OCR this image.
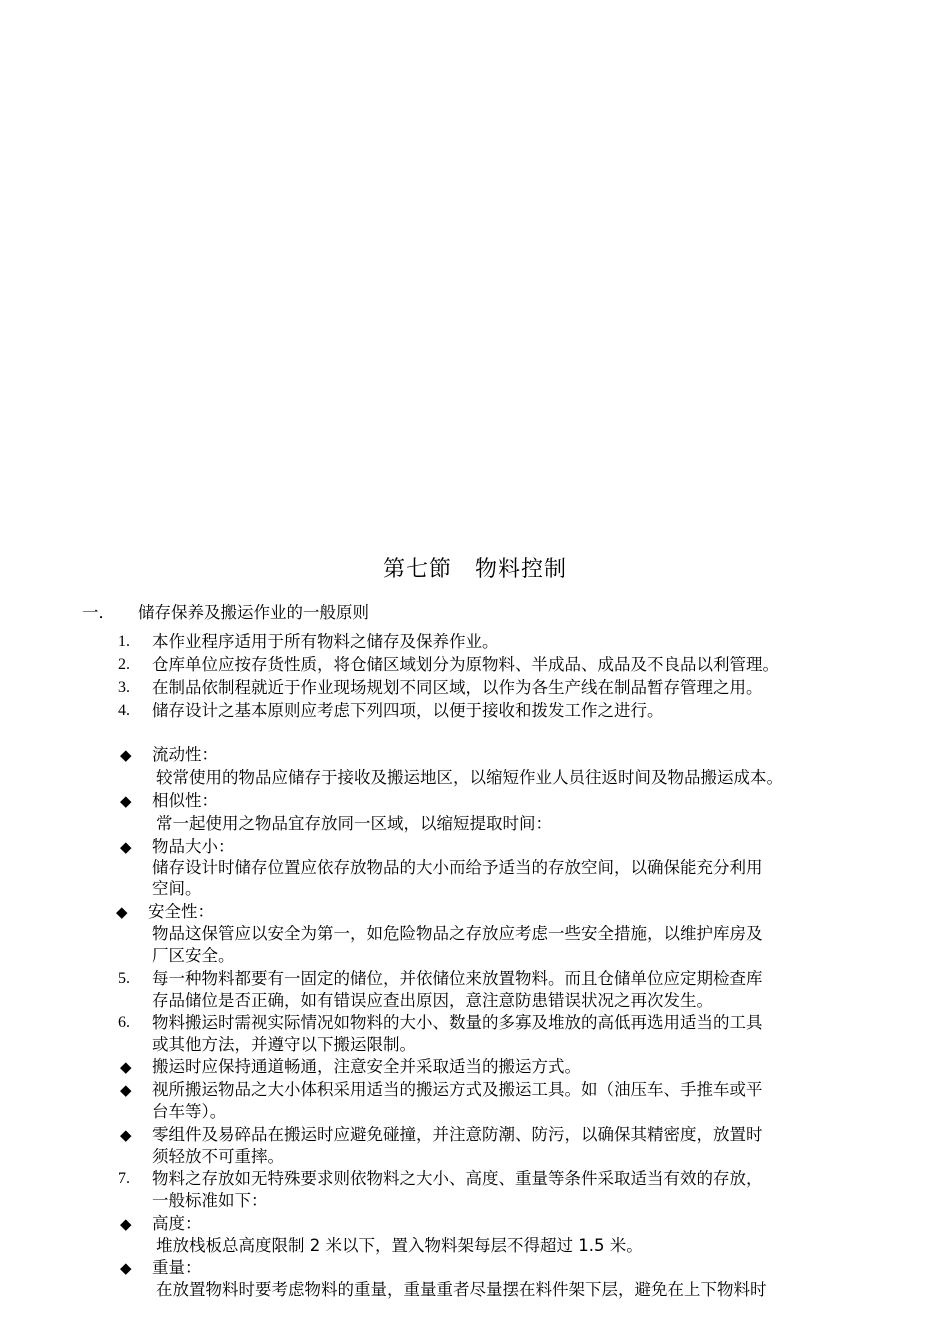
第七節　物料控制
一． 储存保养及搬运作业的一般原则
1. 本作业程序适用于所有物料之储存及保养作业。
2. 仓库单位应按存货性质，将仓储区域划分为原物料、半成品、成品及不良品以利管理。
3. 在制品依制程就近于作业现场规划不同区域，以作为各生产线在制品暂存管理之用。
4. 储存设计之基本原则应考虑下列四项，以便于接收和拨发工作之进行。
◆ 流动性：
较常使用的物品应储存于接收及搬运地区，以缩短作业人员往返时间及物品搬运成本。
◆ 相似性：
常一起使用之物品宜存放同一区域，以缩短提取时间：
◆ 物品大小：
储存设计时储存位置应依存放物品的大小而给予适当的存放空间，以确保能充分利用
空间。
◆ 安全性：
物品这保管应以安全为第一，如危险物品之存放应考虑一些安全措施，以维护库房及
厂区安全。
5. 每一种物料都要有一固定的储位，并依储位来放置物料。而且仓储单位应定期检查库
存品储位是否正确，如有错误应查出原因，意注意防患错误状况之再次发生。
6. 物料搬运时需视实际情况如物料的大小、数量的多寡及堆放的高低再选用适当的工具
或其他方法，并遵守以下搬运限制。
◆ 搬运时应保持通道畅通，注意安全并采取适当的搬运方式。
◆ 视所搬运物品之大小体积采用适当的搬运方式及搬运工具。如（油压车、手推车或平
台车等）。
◆ 零组件及易碎品在搬运时应避免碰撞，并注意防潮、防污，以确保其精密度，放置时
须轻放不可重摔。
7. 物料之存放如无特殊要求则依物料之大小、高度、重量等条件采取适当有效的存放，
一般标准如下：
◆ 高度：
堆放栈板总高度限制 2 米以下，置入物料架每层不得超过 1.5 米。
◆ 重量：
在放置物料时要考虑物料的重量，重量重者尽量摆在料件架下层，避免在上下物料时
